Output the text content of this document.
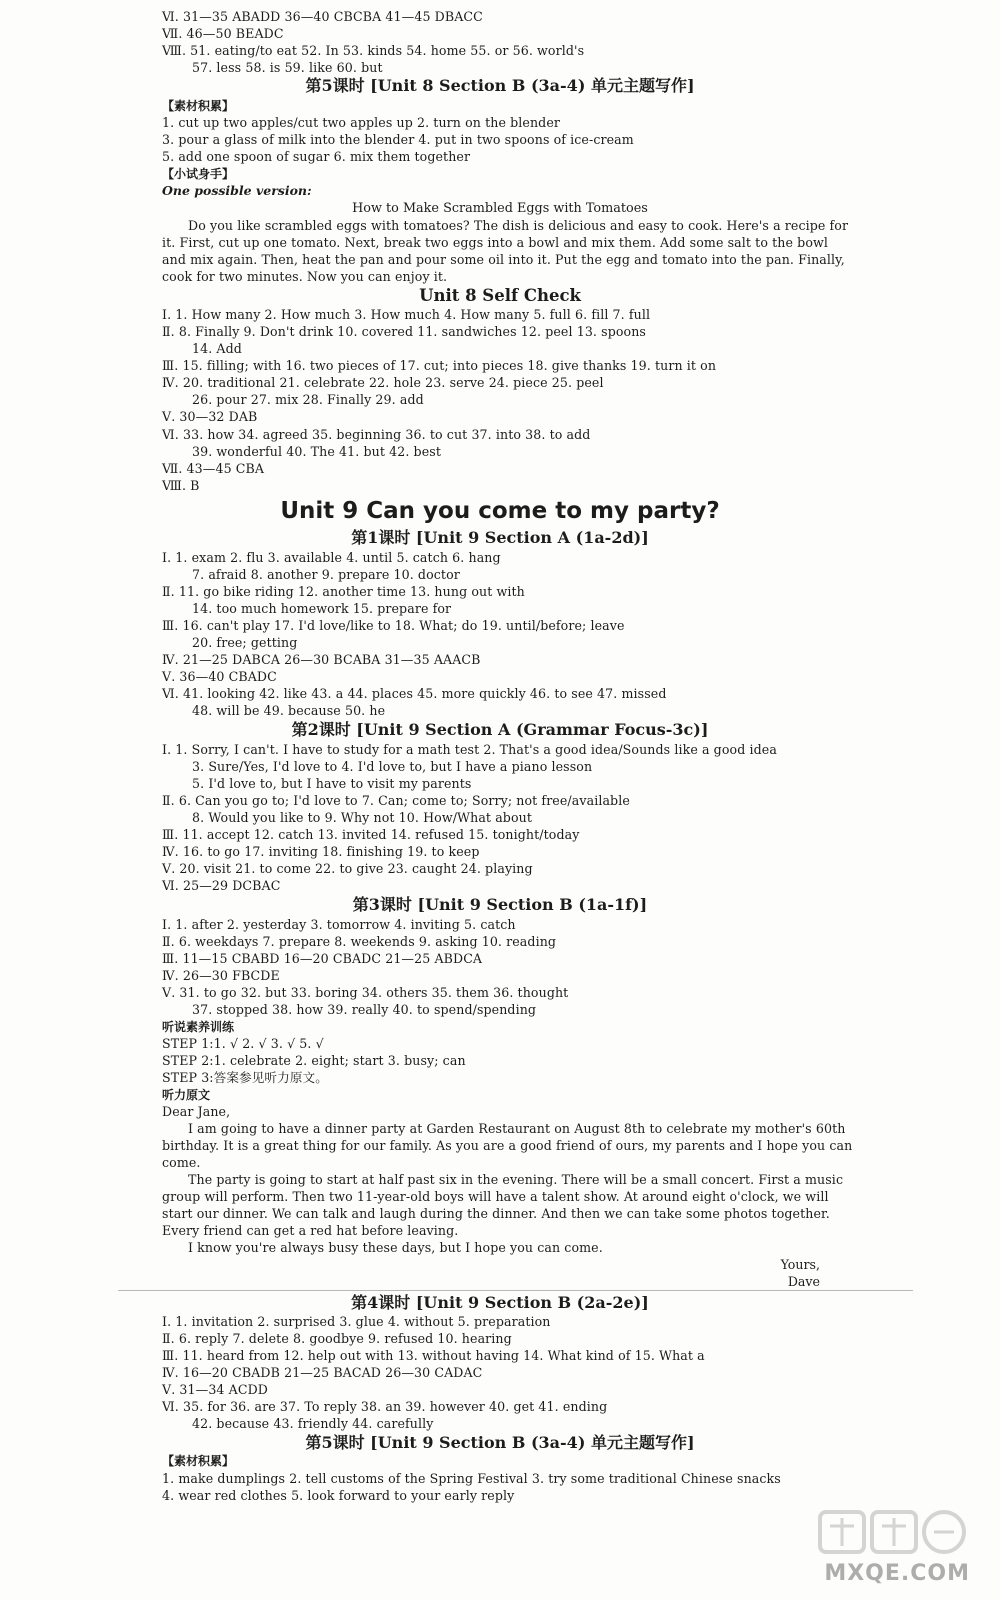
Ⅵ. 31—35 ABADD 36—40 CBCBA 41—45 DBACC
Ⅶ. 46—50 BEADC
Ⅷ. 51. eating/to eat 52. In 53. kinds 54. home 55. or 56. world's
57. less 58. is 59. like 60. but
第5课时 [Unit 8 Section B (3a-4) 单元主题写作]
【素材积累】
1. cut up two apples/cut two apples up 2. turn on the blender
3. pour a glass of milk into the blender 4. put in two spoons of ice-cream
5. add one spoon of sugar 6. mix them together
【小试身手】
One possible version:
How to Make Scrambled Eggs with Tomatoes
Do you like scrambled eggs with tomatoes? The dish is delicious and easy to cook. Here's a recipe for
it. First, cut up one tomato. Next, break two eggs into a bowl and mix them. Add some salt to the bowl
and mix again. Then, heat the pan and pour some oil into it. Put the egg and tomato into the pan. Finally,
cook for two minutes. Now you can enjoy it.
Unit 8 Self Check
Ⅰ. 1. How many 2. How much 3. How much 4. How many 5. full 6. fill 7. full
Ⅱ. 8. Finally 9. Don't drink 10. covered 11. sandwiches 12. peel 13. spoons
14. Add
Ⅲ. 15. filling; with 16. two pieces of 17. cut; into pieces 18. give thanks 19. turn it on
Ⅳ. 20. traditional 21. celebrate 22. hole 23. serve 24. piece 25. peel
26. pour 27. mix 28. Finally 29. add
Ⅴ. 30—32 DAB
Ⅵ. 33. how 34. agreed 35. beginning 36. to cut 37. into 38. to add
39. wonderful 40. The 41. but 42. best
Ⅶ. 43—45 CBA
Ⅷ. B
Unit 9 Can you come to my party?
第1课时 [Unit 9 Section A (1a-2d)]
Ⅰ. 1. exam 2. flu 3. available 4. until 5. catch 6. hang
7. afraid 8. another 9. prepare 10. doctor
Ⅱ. 11. go bike riding 12. another time 13. hung out with
14. too much homework 15. prepare for
Ⅲ. 16. can't play 17. I'd love/like to 18. What; do 19. until/before; leave
20. free; getting
Ⅳ. 21—25 DABCA 26—30 BCABA 31—35 AAACB
Ⅴ. 36—40 CBADC
Ⅵ. 41. looking 42. like 43. a 44. places 45. more quickly 46. to see 47. missed
48. will be 49. because 50. he
第2课时 [Unit 9 Section A (Grammar Focus-3c)]
Ⅰ. 1. Sorry, I can't. I have to study for a math test 2. That's a good idea/Sounds like a good idea
3. Sure/Yes, I'd love to 4. I'd love to, but I have a piano lesson
5. I'd love to, but I have to visit my parents
Ⅱ. 6. Can you go to; I'd love to 7. Can; come to; Sorry; not free/available
8. Would you like to 9. Why not 10. How/What about
Ⅲ. 11. accept 12. catch 13. invited 14. refused 15. tonight/today
Ⅳ. 16. to go 17. inviting 18. finishing 19. to keep
Ⅴ. 20. visit 21. to come 22. to give 23. caught 24. playing
Ⅵ. 25—29 DCBAC
第3课时 [Unit 9 Section B (1a-1f)]
Ⅰ. 1. after 2. yesterday 3. tomorrow 4. inviting 5. catch
Ⅱ. 6. weekdays 7. prepare 8. weekends 9. asking 10. reading
Ⅲ. 11—15 CBABD 16—20 CBADC 21—25 ABDCA
Ⅳ. 26—30 FBCDE
Ⅴ. 31. to go 32. but 33. boring 34. others 35. them 36. thought
37. stopped 38. how 39. really 40. to spend/spending
听说素养训练
STEP 1:1. √ 2. √ 3. √ 5. √
STEP 2:1. celebrate 2. eight; start 3. busy; can
STEP 3:答案参见听力原文。
听力原文
Dear Jane,
I am going to have a dinner party at Garden Restaurant on August 8th to celebrate my mother's 60th
birthday. It is a great thing for our family. As you are a good friend of ours, my parents and I hope you can
come.
The party is going to start at half past six in the evening. There will be a small concert. First a music
group will perform. Then two 11-year-old boys will have a talent show. At around eight o'clock, we will
start our dinner. We can talk and laugh during the dinner. And then we can take some photos together.
Every friend can get a red hat before leaving.
I know you're always busy these days, but I hope you can come.
Yours,
Dave
第4课时 [Unit 9 Section B (2a-2e)]
Ⅰ. 1. invitation 2. surprised 3. glue 4. without 5. preparation
Ⅱ. 6. reply 7. delete 8. goodbye 9. refused 10. hearing
Ⅲ. 11. heard from 12. help out with 13. without having 14. What kind of 15. What a
Ⅳ. 16—20 CBADB 21—25 BACAD 26—30 CADAC
Ⅴ. 31—34 ACDD
Ⅵ. 35. for 36. are 37. To reply 38. an 39. however 40. get 41. ending
42. because 43. friendly 44. carefully
第5课时 [Unit 9 Section B (3a-4) 单元主题写作]
【素材积累】
1. make dumplings 2. tell customs of the Spring Festival 3. try some traditional Chinese snacks
4. wear red clothes 5. look forward to your early reply
MXQE.COM
